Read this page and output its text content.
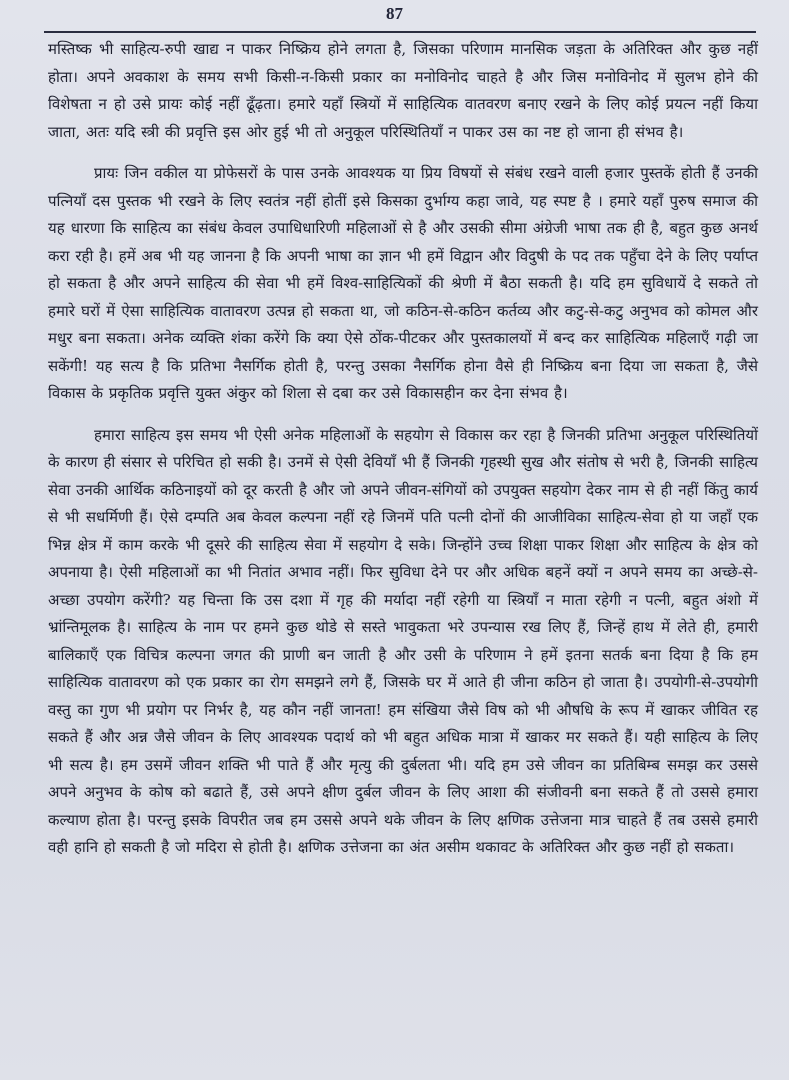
87

मस्तिष्क भी साहित्य-रुपी खाद्य न पाकर निष्क्रिय होने लगता है, जिसका परिणाम मानसिक जड़ता के अतिरिक्त और कुछ नहीं होता। अपने अवकाश के समय सभी किसी-न-किसी प्रकार का मनोविनोद चाहते है और जिस मनोविनोद में सुलभ होने की विशेषता न हो उसे प्रायः कोई नहीं ढूँढ़ता। हमारे यहाँ स्त्रियों में साहित्यिक वातवरण बनाए रखने के लिए कोई प्रयत्न नहीं किया जाता, अतः यदि स्त्री की प्रवृत्ति इस ओर हुई भी तो अनुकूल परिस्थितियाँ न पाकर उस का नष्ट हो जाना ही संभव है।

प्रायः जिन वकील या प्रोफेसरों के पास उनके आवश्यक या प्रिय विषयों से संबंध रखने वाली हजार पुस्तकें होती हैं उनकी पत्नियाँ दस पुस्तक भी रखने के लिए स्वतंत्र नहीं होतीं इसे किसका दुर्भाग्य कहा जावे, यह स्पष्ट है । हमारे यहाँ पुरुष समाज की यह धारणा कि साहित्य का संबंध केवल उपाधिधारिणी महिलाओं से है और उसकी सीमा अंग्रेजी भाषा तक ही है, बहुत कुछ अनर्थ करा रही है। हमें अब भी यह जानना है कि अपनी भाषा का ज्ञान भी हमें विद्वान और विदुषी के पद तक पहुँचा देने के लिए पर्याप्त हो सकता है और अपने साहित्य की सेवा भी हमें विश्व-साहित्यिकों की श्रेणी में बैठा सकती है। यदि हम सुविधायें दे सकते तो हमारे घरों में ऐसा साहित्यिक वातावरण उत्पन्न हो सकता था, जो कठिन-से-कठिन कर्तव्य और कटु-से-कटु अनुभव को कोमल और मधुर बना सकता। अनेक व्यक्ति शंका करेंगे कि क्या ऐसे ठोंक-पीटकर और पुस्तकालयों में बन्द कर साहित्यिक महिलाएँ गढ़ी जा सकेंगी! यह सत्य है कि प्रतिभा नैसर्गिक होती है, परन्तु उसका नैसर्गिक होना वैसे ही निष्क्रिय बना दिया जा सकता है, जैसे विकास के प्रकृतिक प्रवृत्ति युक्त अंकुर को शिला से दबा कर उसे विकासहीन कर देना संभव है।

हमारा साहित्य इस समय भी ऐसी अनेक महिलाओं के सहयोग से विकास कर रहा है जिनकी प्रतिभा अनुकूल परिस्थितियों के कारण ही संसार से परिचित हो सकी है। उनमें से ऐसी देवियाँ भी हैं जिनकी गृहस्थी सुख और संतोष से भरी है, जिनकी साहित्य सेवा उनकी आर्थिक कठिनाइयों को दूर करती है और जो अपने जीवन-संगियों को उपयुक्त सहयोग देकर नाम से ही नहीं किंतु कार्य से भी सधर्मिणी हैं। ऐसे दम्पति अब केवल कल्पना नहीं रहे जिनमें पति पत्नी दोनों की आजीविका साहित्य-सेवा हो या जहाँ एक भिन्न क्षेत्र में काम करके भी दूसरे की साहित्य सेवा में सहयोग दे सके। जिन्होंने उच्च शिक्षा पाकर शिक्षा और साहित्य के क्षेत्र को अपनाया है। ऐसी महिलाओं का भी नितांत अभाव नहीं। फिर सुविधा देने पर और अधिक बहनें क्यों न अपने समय का अच्छे-से-अच्छा उपयोग करेंगी? यह चिन्ता कि उस दशा में गृह की मर्यादा नहीं रहेगी या स्त्रियाँ न माता रहेगी न पत्नी, बहुत अंशो में भ्रांन्तिमूलक है। साहित्य के नाम पर हमने कुछ थोडे से सस्ते भावुकता भरे उपन्यास रख लिए हैं, जिन्हें हाथ में लेते ही, हमारी बालिकाएँ एक विचित्र कल्पना जगत की प्राणी बन जाती है और उसी के परिणाम ने हमें इतना सतर्क बना दिया है कि हम साहित्यिक वातावरण को एक प्रकार का रोग समझने लगे हैं, जिसके घर में आते ही जीना कठिन हो जाता है। उपयोगी-से-उपयोगी वस्तु का गुण भी प्रयोग पर निर्भर है, यह कौन नहीं जानता! हम संखिया जैसे विष को भी औषधि के रूप में खाकर जीवित रह सकते हैं और अन्न जैसे जीवन के लिए आवश्यक पदार्थ को भी बहुत अधिक मात्रा में खाकर मर सकते हैं। यही साहित्य के लिए भी सत्य है। हम उसमें जीवन शक्ति भी पाते हैं और मृत्यु की दुर्बलता भी। यदि हम उसे जीवन का प्रतिबिम्ब समझ कर उससे अपने अनुभव के कोष को बढाते हैं, उसे अपने क्षीण दुर्बल जीवन के लिए आशा की संजीवनी बना सकते हैं तो उससे हमारा कल्याण होता है। परन्तु इसके विपरीत जब हम उससे अपने थके जीवन के लिए क्षणिक उत्तेजना मात्र चाहते हैं तब उससे हमारी वही हानि हो सकती है जो मदिरा से होती है। क्षणिक उत्तेजना का अंत असीम थकावट के अतिरिक्त और कुछ नहीं हो सकता।
